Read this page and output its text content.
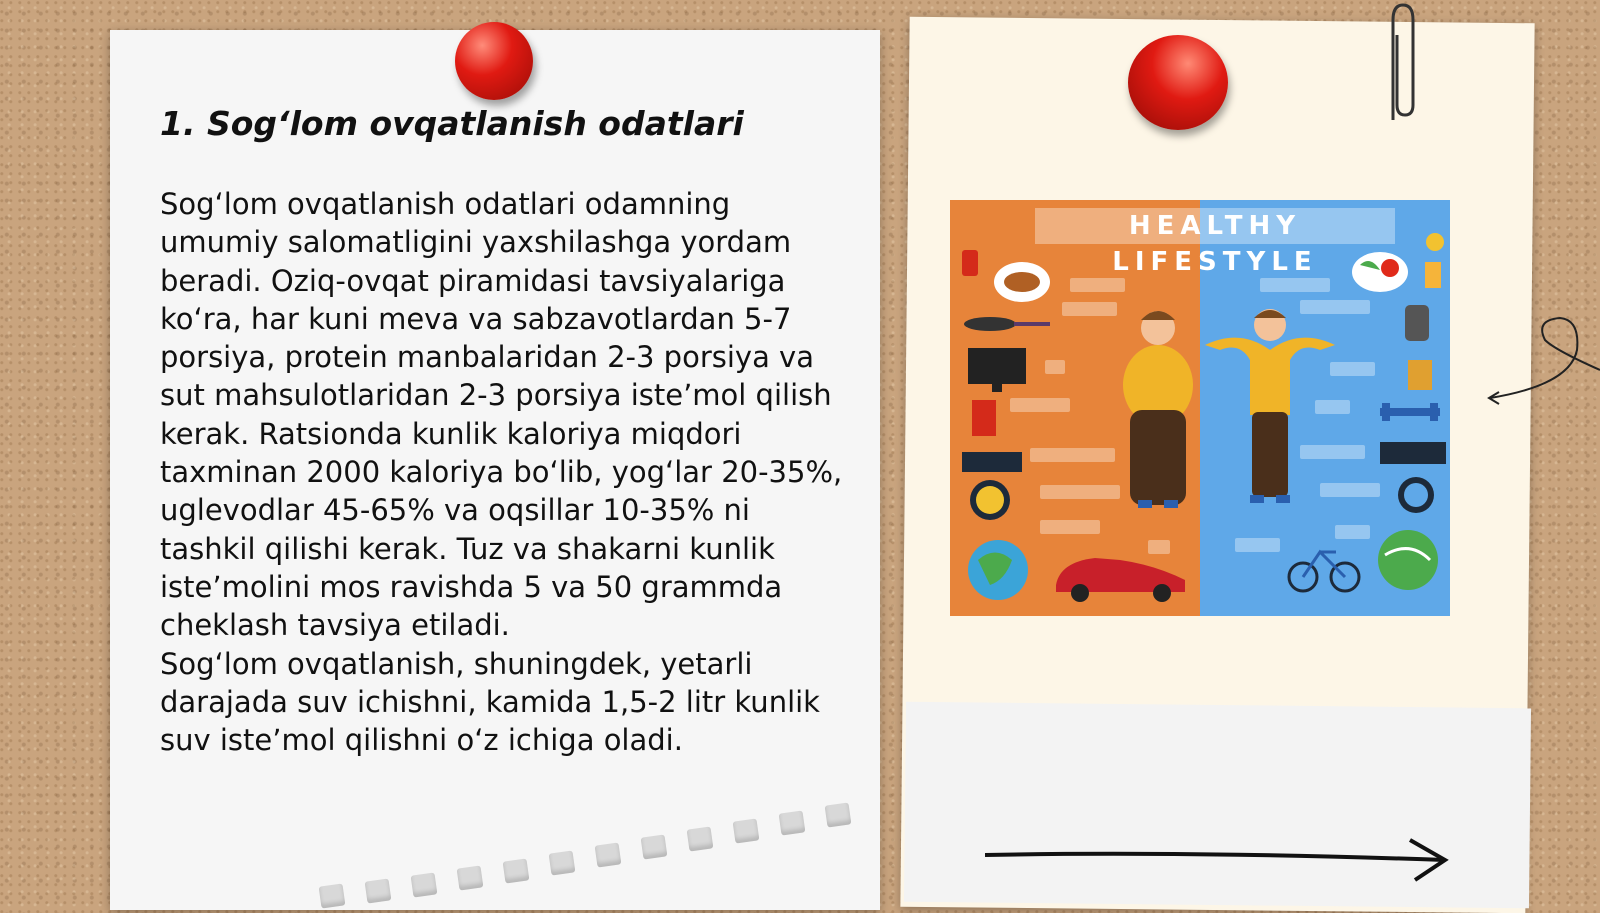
1. Sog‘lom ovqatlanish odatlari
Sog‘lom ovqatlanish odatlari odamning umumiy salomatligini yaxshilashga yordam beradi. Oziq-ovqat piramidasi tavsiyalariga ko‘ra, har kuni meva va sabzavotlardan 5-7 porsiya, protein manbalaridan 2-3 porsiya va sut mahsulotlaridan 2-3 porsiya iste’mol qilish kerak. Ratsionda kunlik kaloriya miqdori taxminan 2000 kaloriya bo‘lib, yog‘lar 20-35%, uglevodlar 45-65% va oqsillar 10-35% ni tashkil qilishi kerak. Tuz va shakarni kunlik iste’molini mos ravishda 5 va 50 grammda cheklash tavsiya etiladi.
Sog‘lom ovqatlanish, shuningdek, yetarli darajada suv ichishni, kamida 1,5-2 litr kunlik suv iste’mol qilishni o‘z ichiga oladi.
HEALTHY LIFESTYLE
